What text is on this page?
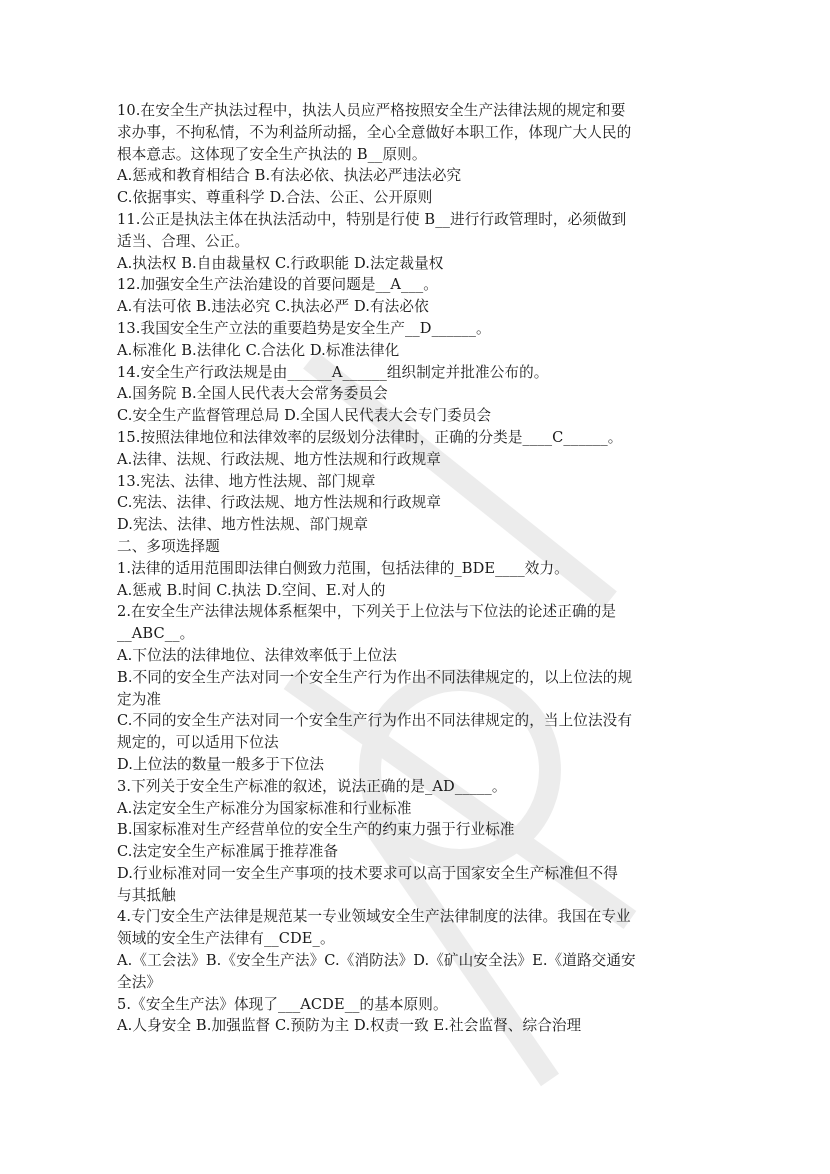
10.在安全生产执法过程中，执法人员应严格按照安全生产法律法规的规定和要
求办事，不拘私情，不为利益所动摇，全心全意做好本职工作，体现广大人民的
根本意志。这体现了安全生产执法的 B__原则。
A.惩戒和教育相结合 B.有法必依、执法必严违法必究
C.依据事实、尊重科学 D.合法、公正、公开原则
11.公正是执法主体在执法活动中，特别是行使 B__进行行政管理时，必须做到
适当、合理、公正。
A.执法权 B.自由裁量权 C.行政职能 D.法定裁量权
12.加强安全生产法治建设的首要问题是__A___。
A.有法可依 B.违法必究 C.执法必严 D.有法必依
13.我国安全生产立法的重要趋势是安全生产__D______。
A.标准化 B.法律化 C.合法化 D.标准法律化
14.安全生产行政法规是由______A______组织制定并批准公布的。
A.国务院 B.全国人民代表大会常务委员会
C.安全生产监督管理总局 D.全国人民代表大会专门委员会
15.按照法律地位和法律效率的层级划分法律时，正确的分类是____C______。
A.法律、法规、行政法规、地方性法规和行政规章
13.宪法、法律、地方性法规、部门规章
C.宪法、法律、行政法规、地方性法规和行政规章
D.宪法、法律、地方性法规、部门规章
二、多项选择题
1.法律的适用范围即法律白侧致力范围，包括法律的_BDE____效力。
A.惩戒 B.时间 C.执法 D.空间、E.对人的
2.在安全生产法律法规体系框架中，下列关于上位法与下位法的论述正确的是
__ABC__。
A.下位法的法律地位、法律效率低于上位法
B.不同的安全生产法对同一个安全生产行为作出不同法律规定的，以上位法的规
定为准
C.不同的安全生产法对同一个安全生产行为作出不同法律规定的，当上位法没有
规定的，可以适用下位法
D.上位法的数量一般多于下位法
3.下列关于安全生产标准的叙述，说法正确的是_AD_____。
A.法定安全生产标准分为国家标准和行业标准
B.国家标准对生产经营单位的安全生产的约束力强于行业标准
C.法定安全生产标准属于推荐准备
D.行业标准对同一安全生产事项的技术要求可以高于国家安全生产标准但不得
与其抵触
4.专门安全生产法律是规范某一专业领域安全生产法律制度的法律。我国在专业
领域的安全生产法律有__CDE_。
A.《工会法》B.《安全生产法》C.《消防法》D.《矿山安全法》E.《道路交通安
全法》
5.《安全生产法》体现了___ACDE__的基本原则。
A.人身安全 B.加强监督 C.预防为主 D.权责一致 E.社会监督、综合治理
